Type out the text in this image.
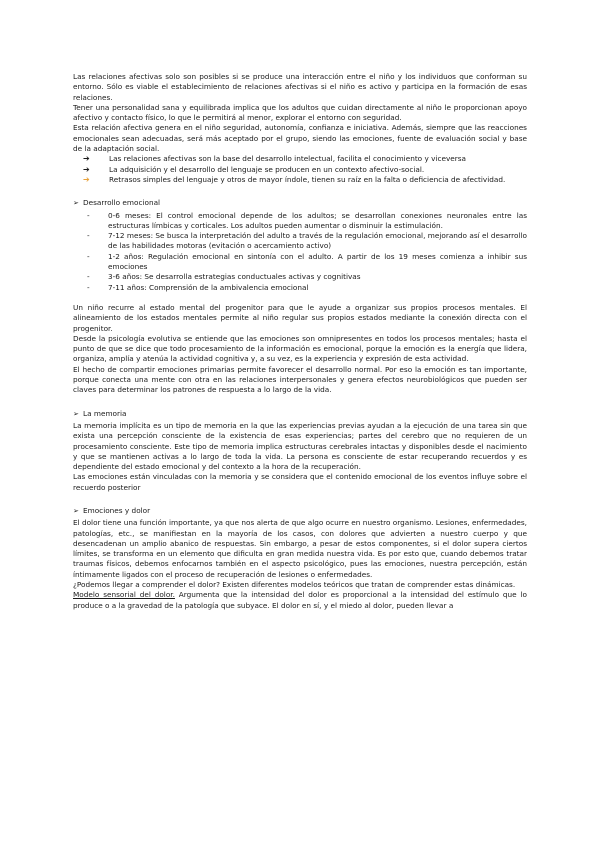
Las relaciones afectivas solo son posibles si se produce una interacción entre el niño y los individuos que conforman su entorno. Sólo es viable el establecimiento de relaciones afectivas si el niño es activo y participa en la formación de esas relaciones.

Tener una personalidad sana y equilibrada implica que los adultos que cuidan directamente al niño le proporcionan apoyo afectivo y contacto físico, lo que le permitirá al menor, explorar el entorno con seguridad.

Esta relación afectiva genera en el niño seguridad, autonomía, confianza e iniciativa. Además, siempre que las reacciones emocionales sean adecuadas, será más aceptado por el grupo, siendo las emociones, fuente de evaluación social y base de la adaptación social.

➔	Las relaciones afectivas son la base del desarrollo intelectual, facilita el conocimiento y viceversa
➔	La adquisición y el desarrollo del lenguaje se producen en un contexto afectivo-social.
➔	Retrasos simples del lenguaje y otros de mayor índole, tienen su raíz en la falta o deficiencia de afectividad.
➢ Desarrollo emocional
-	0-6 meses: El control emocional depende de los adultos; se desarrollan conexiones neuronales entre las estructuras límbicas y corticales. Los adultos pueden aumentar o disminuir la estimulación.
-	7-12 meses: Se busca la interpretación del adulto a través de la regulación emocional, mejorando así el desarrollo de las habilidades motoras (evitación o acercamiento activo)
-	1-2 años: Regulación emocional en sintonía con el adulto. A partir de los 19 meses comienza a inhibir sus emociones
-	3-6 años: Se desarrolla estrategias conductuales activas y cognitivas
-	7-11 años: Comprensión de la ambivalencia emocional

Un niño recurre al estado mental del progenitor para que le ayude a organizar sus propios procesos mentales. El alineamiento de los estados mentales permite al niño regular sus propios estados mediante la conexión directa con el progenitor.

Desde la psicología evolutiva se entiende que las emociones son omnipresentes en todos los procesos mentales; hasta el punto de que se dice que todo procesamiento de la información es emocional, porque la emoción es la energía que lidera, organiza, amplía y atenúa la actividad cognitiva y, a su vez, es la experiencia y expresión de esta actividad.

El hecho de compartir emociones primarias permite favorecer el desarrollo normal. Por eso la emoción es tan importante, porque conecta una mente con otra en las relaciones interpersonales y genera efectos neurobiológicos que pueden ser claves para determinar los patrones de respuesta a lo largo de la vida.

➢ La memoria

La memoria implícita es un tipo de memoria en la que las experiencias previas ayudan a la ejecución de una tarea sin que exista una percepción consciente de la existencia de esas experiencias; partes del cerebro que no requieren de un procesamiento consciente. Este tipo de memoria implica estructuras cerebrales intactas y disponibles desde el nacimiento y que se mantienen activas a lo largo de toda la vida. La persona es consciente de estar recuperando recuerdos y es dependiente del estado emocional y del contexto a la hora de la recuperación.

Las emociones están vinculadas con la memoria y se considera que el contenido emocional de los eventos influye sobre el recuerdo posterior

➢ Emociones y dolor

El dolor tiene una función importante, ya que nos alerta de que algo ocurre en nuestro organismo. Lesiones, enfermedades, patologías, etc., se manifiestan en la mayoría de los casos, con dolores que advierten a nuestro cuerpo y que desencadenan un amplio abanico de respuestas. Sin embargo, a pesar de estos componentes, si el dolor supera ciertos límites, se transforma en un elemento que dificulta en gran medida nuestra vida. Es por esto que, cuando debemos tratar traumas físicos, debemos enfocarnos también en el aspecto psicológico, pues las emociones, nuestra percepción, están íntimamente ligados con el proceso de recuperación de lesiones o enfermedades.

¿Podemos llegar a comprender el dolor? Existen diferentes modelos teóricos que tratan de comprender estas dinámicas.

Modelo sensorial del dolor. Argumenta que la intensidad del dolor es proporcional a la intensidad del estímulo que lo produce o a la gravedad de la patología que subyace. El dolor en sí, y el miedo al dolor, pueden llevar a
